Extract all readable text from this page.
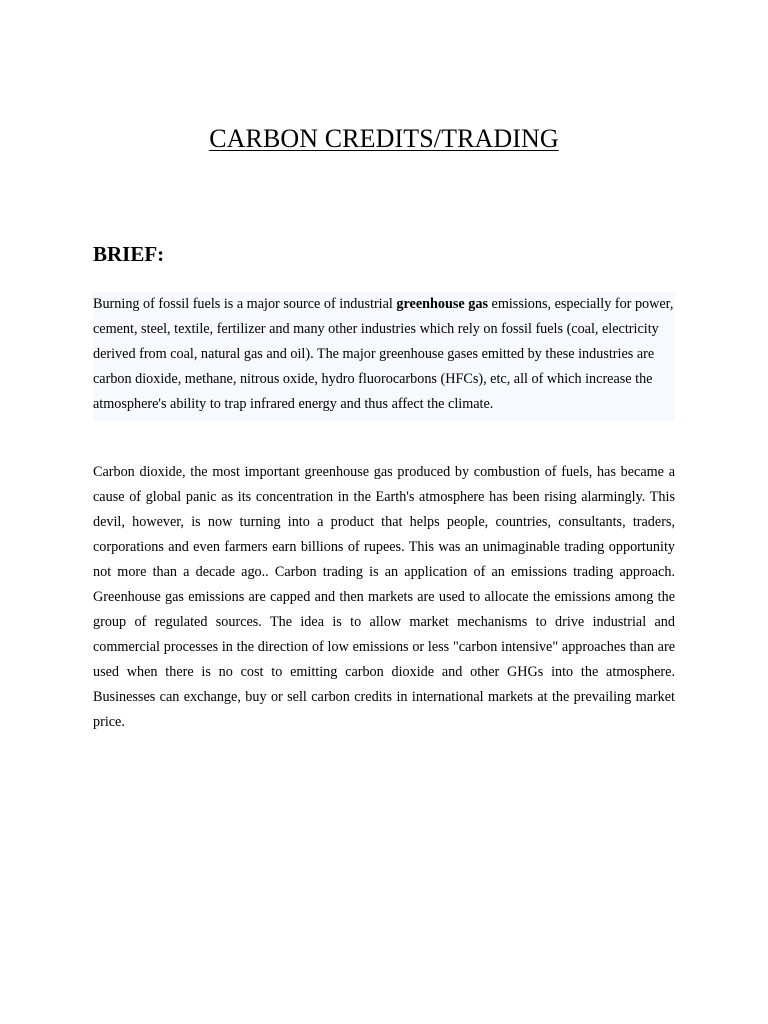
CARBON CREDITS/TRADING
BRIEF:

Burning of fossil fuels is a major source of industrial greenhouse gas emissions, especially for power, cement, steel, textile, fertilizer and many other industries which rely on fossil fuels (coal, electricity derived from coal, natural gas and oil). The major greenhouse gases emitted by these industries are carbon dioxide, methane, nitrous oxide, hydro fluorocarbons (HFCs), etc, all of which increase the atmosphere's ability to trap infrared energy and thus affect the climate.

Carbon dioxide, the most important greenhouse gas produced by combustion of fuels, has became a cause of global panic as its concentration in the Earth's atmosphere has been rising alarmingly. This devil, however, is now turning into a product that helps people, countries, consultants, traders, corporations and even farmers earn billions of rupees. This was an unimaginable trading opportunity not more than a decade ago.. Carbon trading is an application of an emissions trading approach. Greenhouse gas emissions are capped and then markets are used to allocate the emissions among the group of regulated sources. The idea is to allow market mechanisms to drive industrial and commercial processes in the direction of low emissions or less "carbon intensive" approaches than are used when there is no cost to emitting carbon dioxide and other GHGs into the atmosphere. Businesses can exchange, buy or sell carbon credits in international markets at the prevailing market price.
